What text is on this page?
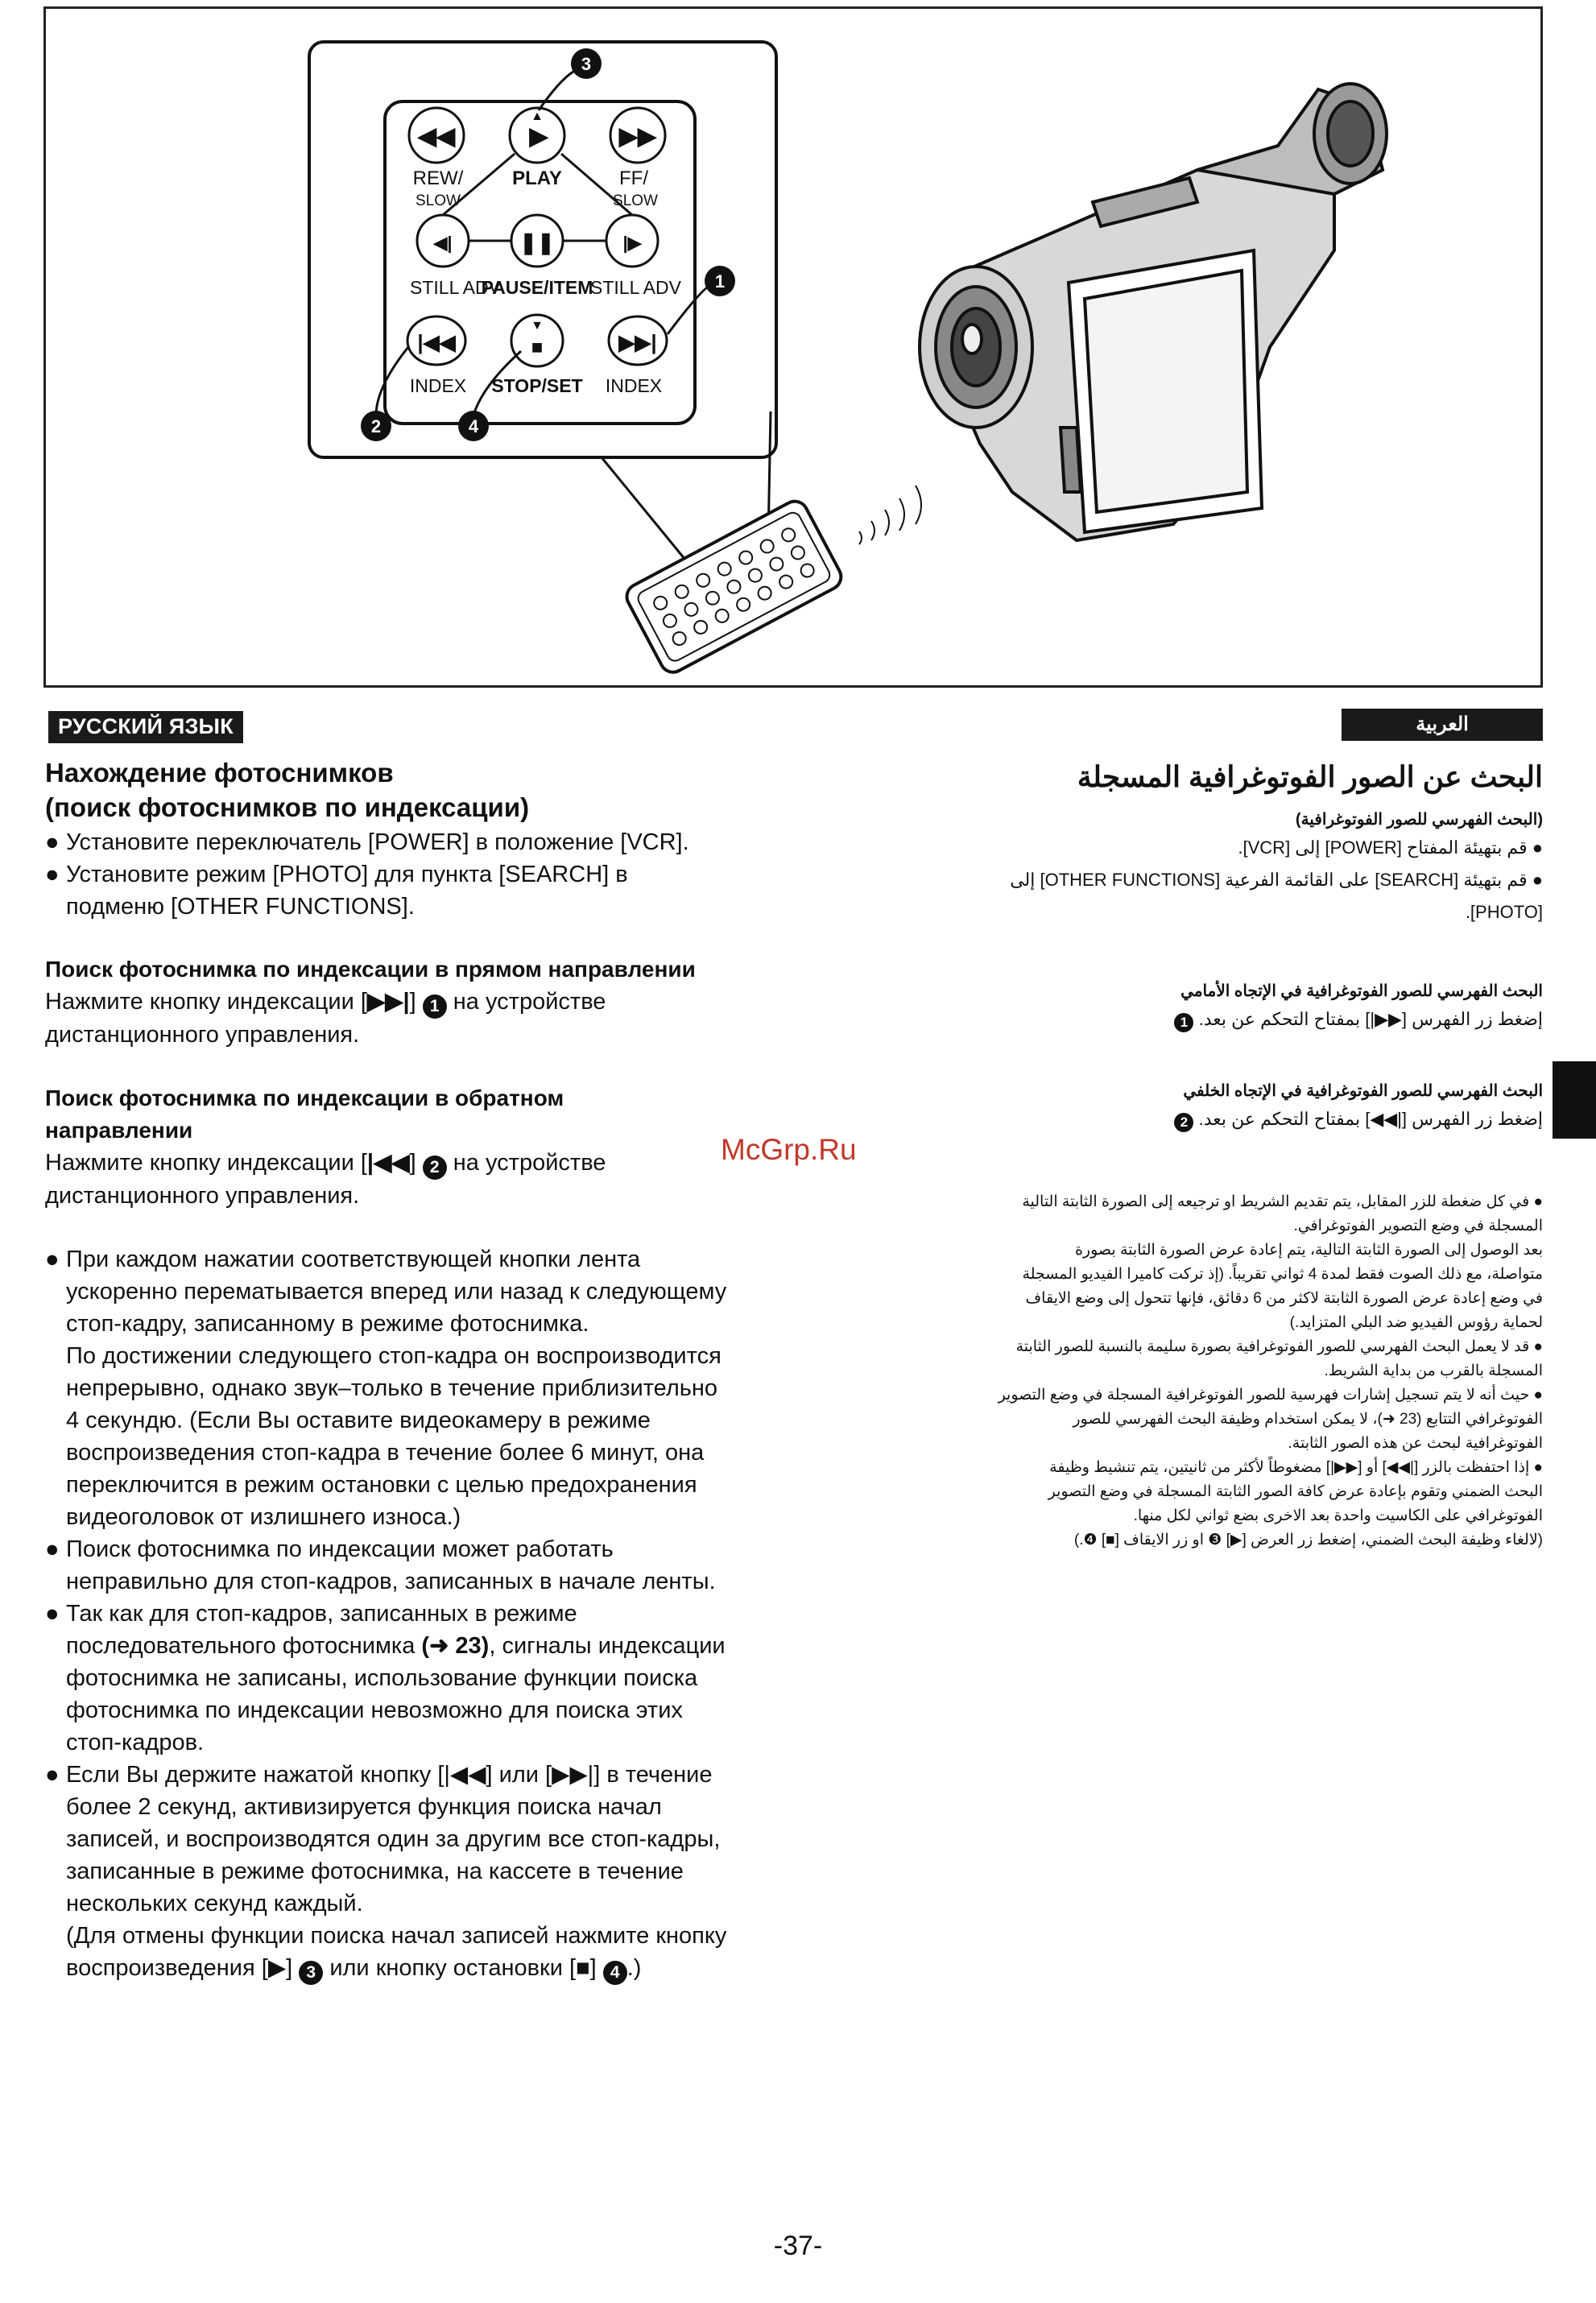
◀◀	▶
▲
▶▶
REW/	PLAY	FF/
SLOW	SLOW
◀|	❚❚	|▶
STILL ADV
PAUSE/ITEM
STILL ADV
|◀◀
▼
■	▶▶|
INDEX STOP/SET INDEX
1
2
3
4
РУССКИЙ ЯЗЫК	العربية
Нахождение фотоснимков
(поиск фотоснимков по индексации)
● Установите переключатель [POWER] в положение [VCR].
● Установите режим [PHOTO] для пункта [SEARCH] в
подменю [OTHER FUNCTIONS].
Поиск фотоснимка по индексации в прямом направлении
Нажмите кнопку индексации [▶▶|] 1 на устройстве
дистанционного управления.
Поиск фотоснимка по индексации в обратном
направлении
Нажмите кнопку индексации [|◀◀] 2 на устройстве
дистанционного управления.
● При каждом нажатии соответствующей кнопки лента
ускоренно перематывается вперед или назад к следующему
стоп-кадру, записанному в режиме фотоснимка.
По достижении следующего стоп-кадра он воспроизводится
непрерывно, однако звук–только в течение приблизительно
4 секундю. (Если Вы оставите видеокамеру в режиме
воспроизведения стоп-кадра в течение более 6 минут, она
переключится в режим остановки с целью предохранения
видеоголовок от излишнего износа.)
● Поиск фотоснимка по индексации может работать
неправильно для стоп-кадров, записанных в начале ленты.
● Так как для стоп-кадров, записанных в режиме
последовательного фотоснимка (➜ 23), сигналы индексации
фотоснимка не записаны, использование функции поиска
фотоснимка по индексации невозможно для поиска этих
стоп-кадров.
● Если Вы держите нажатой кнопку [|◀◀] или [▶▶|] в течение
более 2 секунд, активизируется функция поиска начал
записей, и воспроизводятся один за другим все стоп-кадры,
записанные в режиме фотоснимка, на кассете в течение
нескольких секунд каждый.
(Для отмены функции поиска начал записей нажмите кнопку
воспроизведения [▶] 3 или кнопку остановки [■] 4 .)
البحث عن الصور الفوتوغرافية المسجلة
(البحث الفهرسي للصور الفوتوغرافية)
● قم بتهيئة المفتاح [POWER] إلى [VCR].
● قم بتهيئة [SEARCH] على القائمة الفرعية [OTHER FUNCTIONS] إلى
[PHOTO].
البحث الفهرسي للصور الفوتوغرافية في الإتجاه الأمامي
إضغط زر الفهرس [▶▶|] بمفتاح التحكم عن بعد. 1
البحث الفهرسي للصور الفوتوغرافية في الإتجاه الخلفي
إضغط زر الفهرس [|◀◀] بمفتاح التحكم عن بعد. 2
● في كل ضغطة للزر المقابل، يتم تقديم الشريط او ترجيعه إلى الصورة الثابتة التالية
المسجلة في وضع التصوير الفوتوغرافي.
بعد الوصول إلى الصورة الثابتة التالية، يتم إعادة عرض الصورة الثابتة بصورة
متواصلة، مع ذلك الصوت فقط لمدة 4 ثواني تقريباً. (إذ تركت كاميرا الفيديو المسجلة
في وضع إعادة عرض الصورة الثابتة لاكثر من 6 دقائق، فإنها تتحول إلى وضع الايقاف
لحماية رؤوس الفيديو ضد البلي المتزايد.)
● قد لا يعمل البحث الفهرسي للصور الفوتوغرافية بصورة سليمة بالنسبة للصور الثابتة
المسجلة بالقرب من بداية الشريط.
● حيث أنه لا يتم تسجيل إشارات فهرسية للصور الفوتوغرافية المسجلة في وضع التصوير
الفوتوغرافي التتابع (23 ➜)، لا يمكن استخدام وظيفة البحث الفهرسي للصور
الفوتوغرافية لبحث عن هذه الصور الثابتة.
● إذا احتفظت بالزر [|◀◀] أو [▶▶|] مضغوطاً لأكثر من ثانيتين، يتم تنشيط وظيفة
البحث الضمني وتقوم بإعادة عرض كافة الصور الثابتة المسجلة في وضع التصوير
الفوتوغرافي على الكاسيت واحدة بعد الاخرى بضع ثواني لكل منها.
(لالغاء وظيفة البحث الضمني، إضغط زر العرض [▶] ❸ او زر الايقاف [■] ❹.)
McGrp.Ru
-37-
